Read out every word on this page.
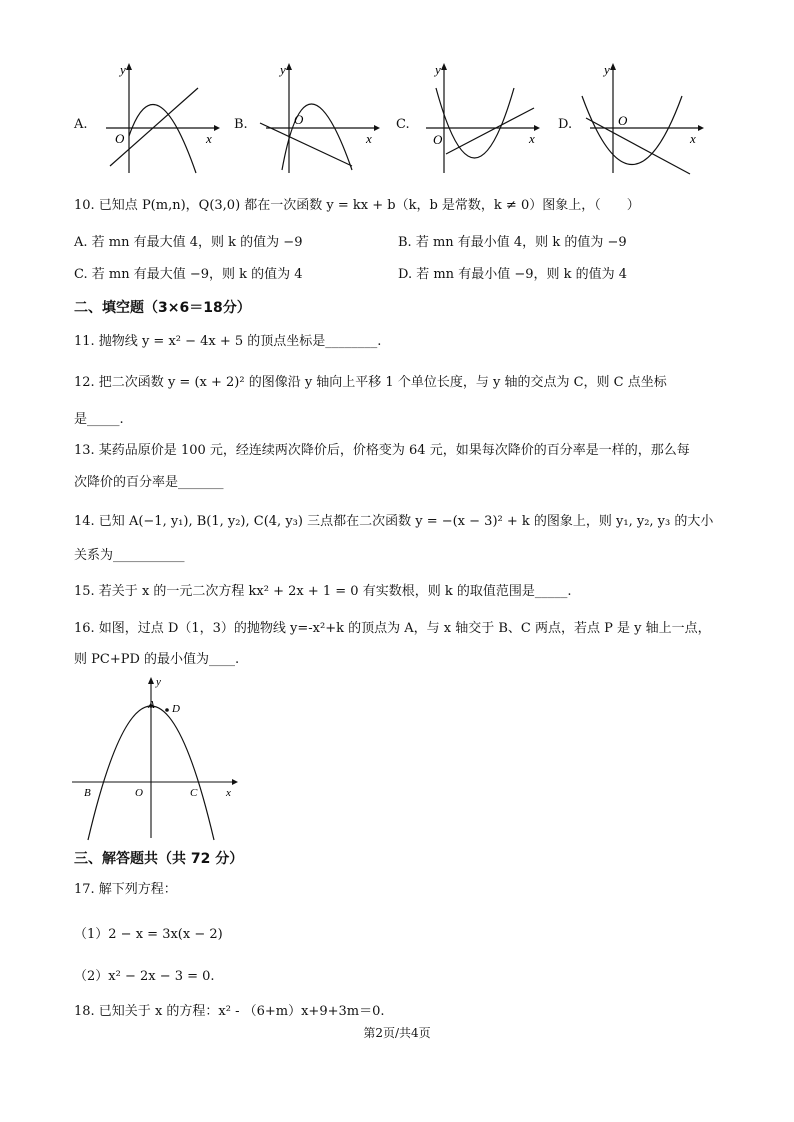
A.
y
O	x
B.
y
O
x
C.
y
O	x
D.
y
O
x
10. 已知点 P(m,n)，Q(3,0) 都在一次函数 y = kx + b（k，b 是常数，k ≠ 0）图象上，（　　）
A. 若 mn 有最大值 4，则 k 的值为 −9	B. 若 mn 有最小值 4，则 k 的值为 −9
C. 若 mn 有最大值 −9，则 k 的值为 4	D. 若 mn 有最小值 −9，则 k 的值为 4
二、填空题（3×6＝18分）
11. 抛物线 y = x² − 4x + 5 的顶点坐标是________.
12. 把二次函数 y = (x + 2)² 的图像沿 y 轴向上平移 1 个单位长度，与 y 轴的交点为 C，则 C 点坐标
是_____.
13. 某药品原价是 100 元，经连续两次降价后，价格变为 64 元，如果每次降价的百分率是一样的，那么每
次降价的百分率是_______
14. 已知 A(−1, y₁), B(1, y₂), C(4, y₃) 三点都在二次函数 y = −(x − 3)² + k 的图象上，则 y₁, y₂, y₃ 的大小
关系为___________
15. 若关于 x 的一元二次方程 kx² + 2x + 1 = 0 有实数根，则 k 的取值范围是_____.
16. 如图，过点 D（1，3）的抛物线 y=-x²+k 的顶点为 A，与 x 轴交于 B、C 两点，若点 P 是 y 轴上一点，
则 PC+PD 的最小值为____.
y
A D
B	O	C	x
三、解答题共（共 72 分）
17. 解下列方程：
（1）2 − x = 3x(x − 2)
（2）x² − 2x − 3 = 0.
18. 已知关于 x 的方程：x² - （6+m）x+9+3m＝0.
第2页/共4页
